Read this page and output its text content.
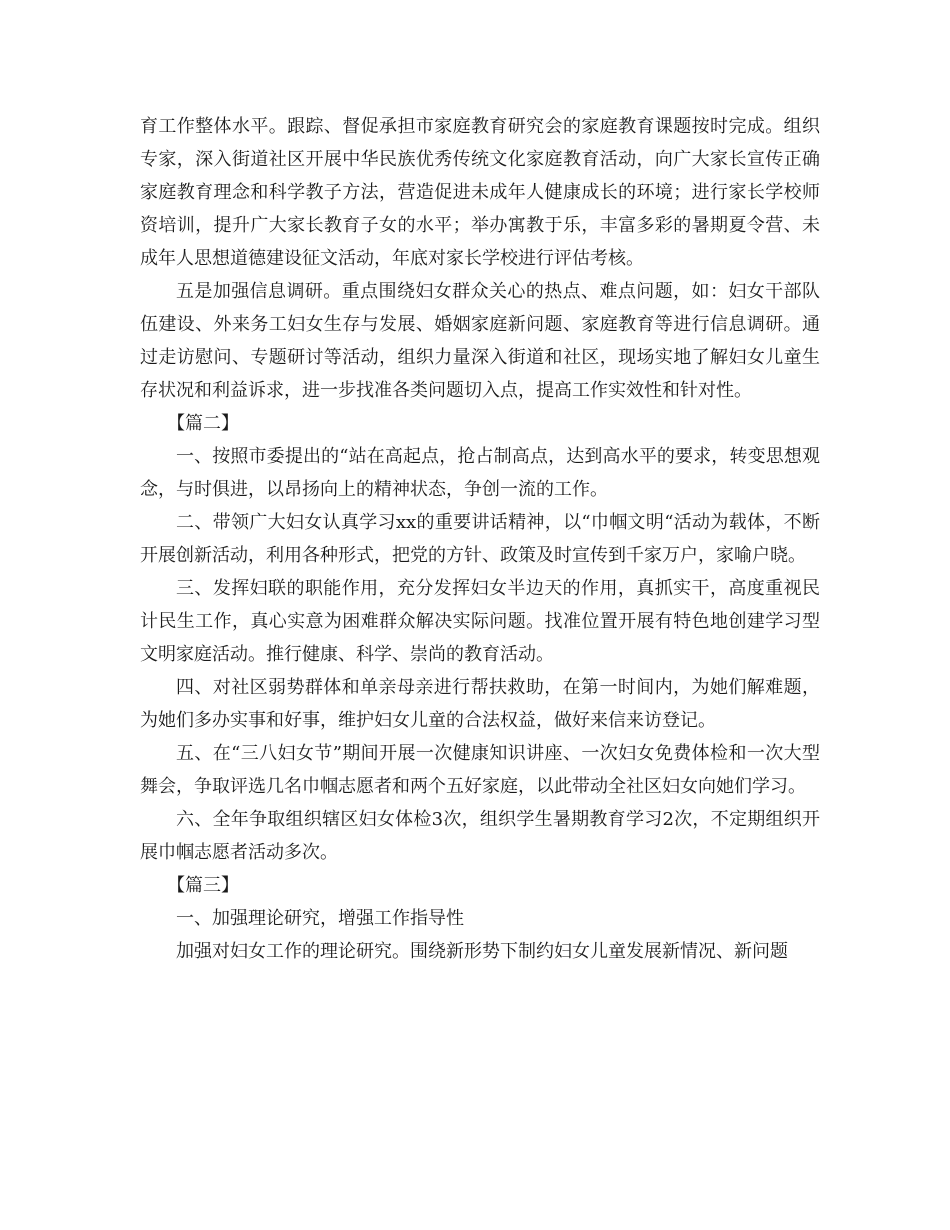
育工作整体水平。跟踪、督促承担市家庭教育研究会的家庭教育课题按时完成。组织专家，深入街道社区开展中华民族优秀传统文化家庭教育活动，向广大家长宣传正确家庭教育理念和科学教子方法，营造促进未成年人健康成长的环境；进行家长学校师资培训，提升广大家长教育子女的水平；举办寓教于乐，丰富多彩的暑期夏令营、未成年人思想道德建设征文活动，年底对家长学校进行评估考核。

五是加强信息调研。重点围绕妇女群众关心的热点、难点问题，如：妇女干部队伍建设、外来务工妇女生存与发展、婚姻家庭新问题、家庭教育等进行信息调研。通过走访慰问、专题研讨等活动，组织力量深入街道和社区，现场实地了解妇女儿童生存状况和利益诉求，进一步找准各类问题切入点，提高工作实效性和针对性。

【篇二】

一、按照市委提出的“站在高起点，抢占制高点，达到高水平的要求，转变思想观念，与时俱进，以昂扬向上的精神状态，争创一流的工作。

二、带领广大妇女认真学习xx的重要讲话精神，以“巾帼文明“活动为载体，不断开展创新活动，利用各种形式，把党的方针、政策及时宣传到千家万户，家喻户晓。

三、发挥妇联的职能作用，充分发挥妇女半边天的作用，真抓实干，高度重视民计民生工作，真心实意为困难群众解决实际问题。找准位置开展有特色地创建学习型文明家庭活动。推行健康、科学、崇尚的教育活动。

四、对社区弱势群体和单亲母亲进行帮扶救助，在第一时间内，为她们解难题，为她们多办实事和好事，维护妇女儿童的合法权益，做好来信来访登记。

五、在“三八妇女节”期间开展一次健康知识讲座、一次妇女免费体检和一次大型舞会，争取评选几名巾帼志愿者和两个五好家庭，以此带动全社区妇女向她们学习。

六、全年争取组织辖区妇女体检3次，组织学生暑期教育学习2次，不定期组织开展巾帼志愿者活动多次。

【篇三】

一、加强理论研究，增强工作指导性

加强对妇女工作的理论研究。围绕新形势下制约妇女儿童发展新情况、新问题
